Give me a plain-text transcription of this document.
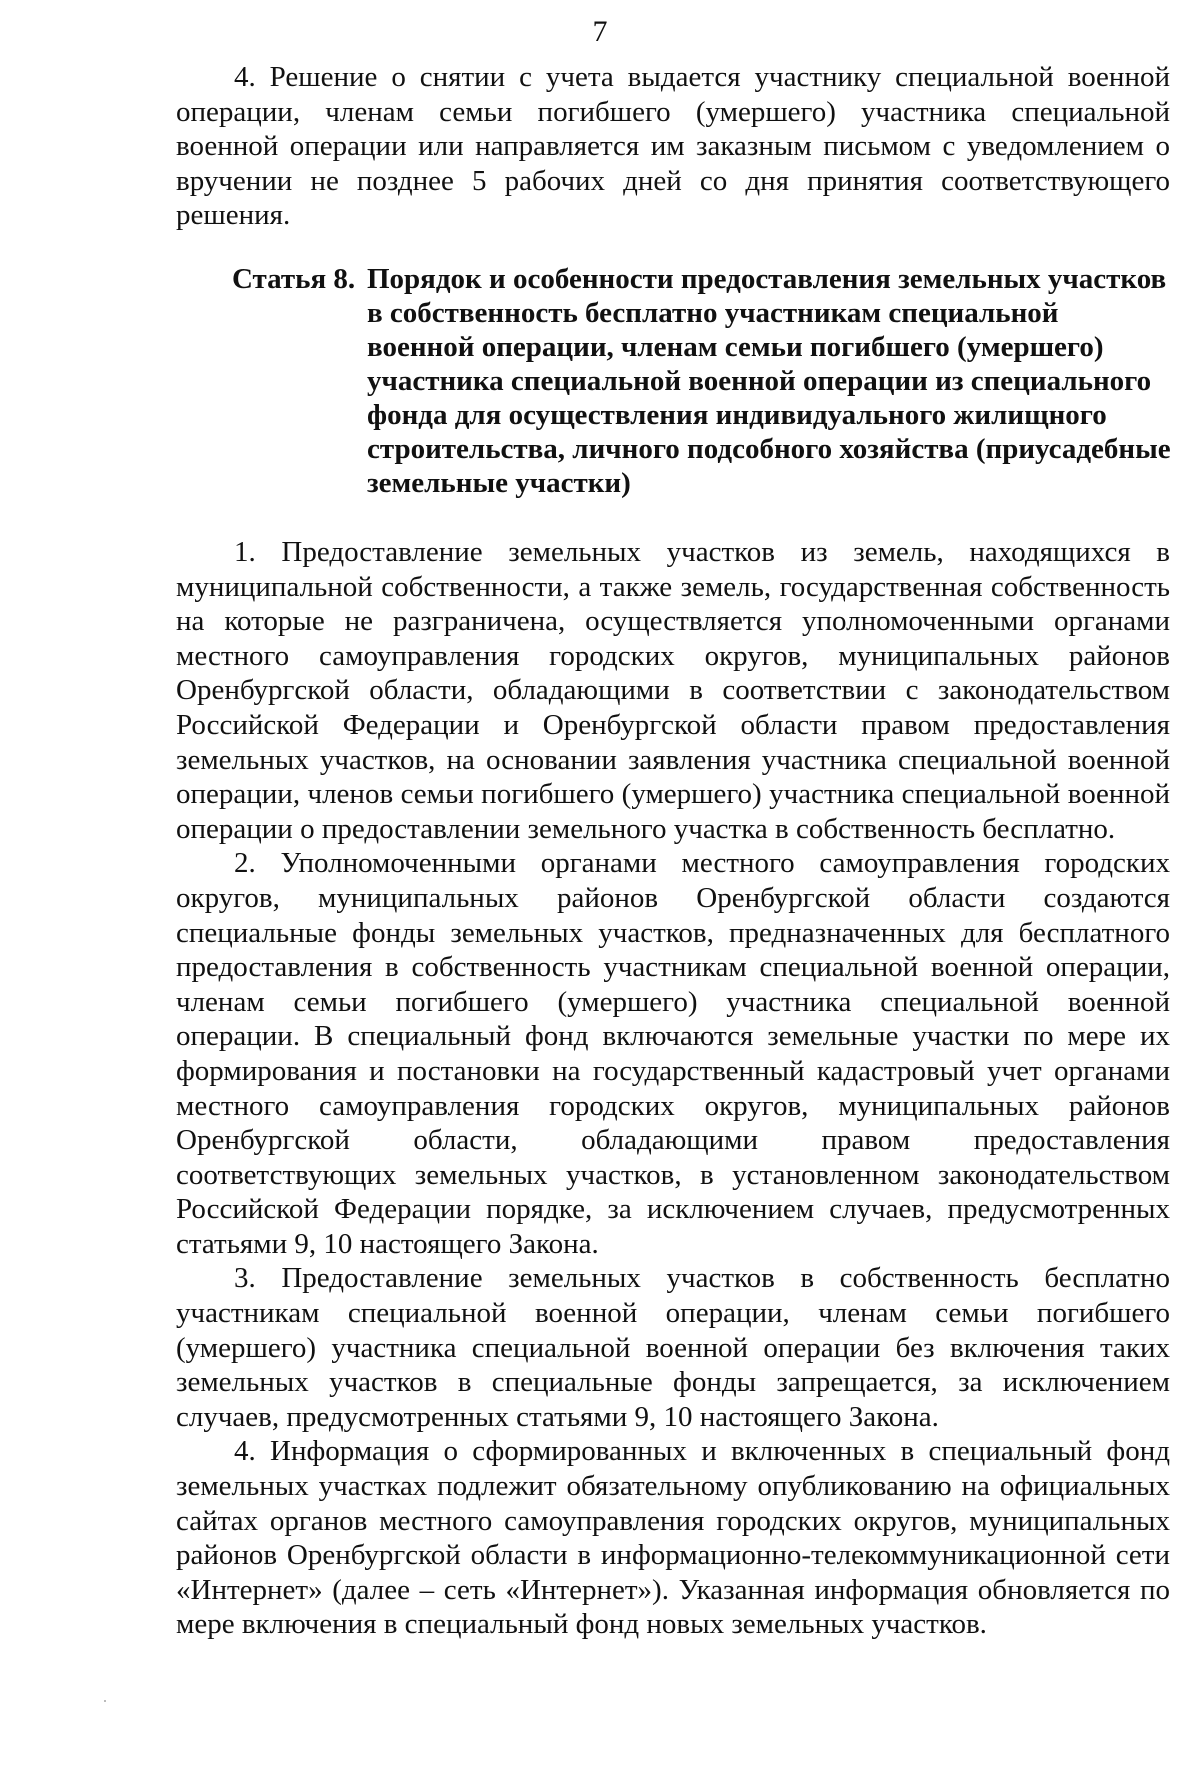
7

4. Решение о снятии с учета выдается участнику специальной военной операции, членам семьи погибшего (умершего) участника специальной военной операции или направляется им заказным письмом с уведомлением о вручении не позднее 5 рабочих дней со дня принятия соответствующего решения.

Статья 8. Порядок и особенности предоставления земельных участков в собственность бесплатно участникам специальной военной операции, членам семьи погибшего (умершего) участника специальной военной операции из специального фонда для осуществления индивидуального жилищного строительства, личного подсобного хозяйства (приусадебные земельные участки)

1. Предоставление земельных участков из земель, находящихся в муниципальной собственности, а также земель, государственная собственность на которые не разграничена, осуществляется уполномоченными органами местного самоуправления городских округов, муниципальных районов Оренбургской области, обладающими в соответствии с законодательством Российской Федерации и Оренбургской области правом предоставления земельных участков, на основании заявления участника специальной военной операции, членов семьи погибшего (умершего) участника специальной военной операции о предоставлении земельного участка в собственность бесплатно.

2. Уполномоченными органами местного самоуправления городских округов, муниципальных районов Оренбургской области создаются специальные фонды земельных участков, предназначенных для бесплатного предоставления в собственность участникам специальной военной операции, членам семьи погибшего (умершего) участника специальной военной операции. В специальный фонд включаются земельные участки по мере их формирования и постановки на государственный кадастровый учет органами местного самоуправления городских округов, муниципальных районов Оренбургской области, обладающими правом предоставления соответствующих земельных участков, в установленном законодательством Российской Федерации порядке, за исключением случаев, предусмотренных статьями 9, 10 настоящего Закона.

3. Предоставление земельных участков в собственность бесплатно участникам специальной военной операции, членам семьи погибшего (умершего) участника специальной военной операции без включения таких земельных участков в специальные фонды запрещается, за исключением случаев, предусмотренных статьями 9, 10 настоящего Закона.

4. Информация о сформированных и включенных в специальный фонд земельных участках подлежит обязательному опубликованию на официальных сайтах органов местного самоуправления городских округов, муниципальных районов Оренбургской области в информационно-телекоммуникационной сети «Интернет» (далее – сеть «Интернет»). Указанная информация обновляется по мере включения в специальный фонд новых земельных участков.
